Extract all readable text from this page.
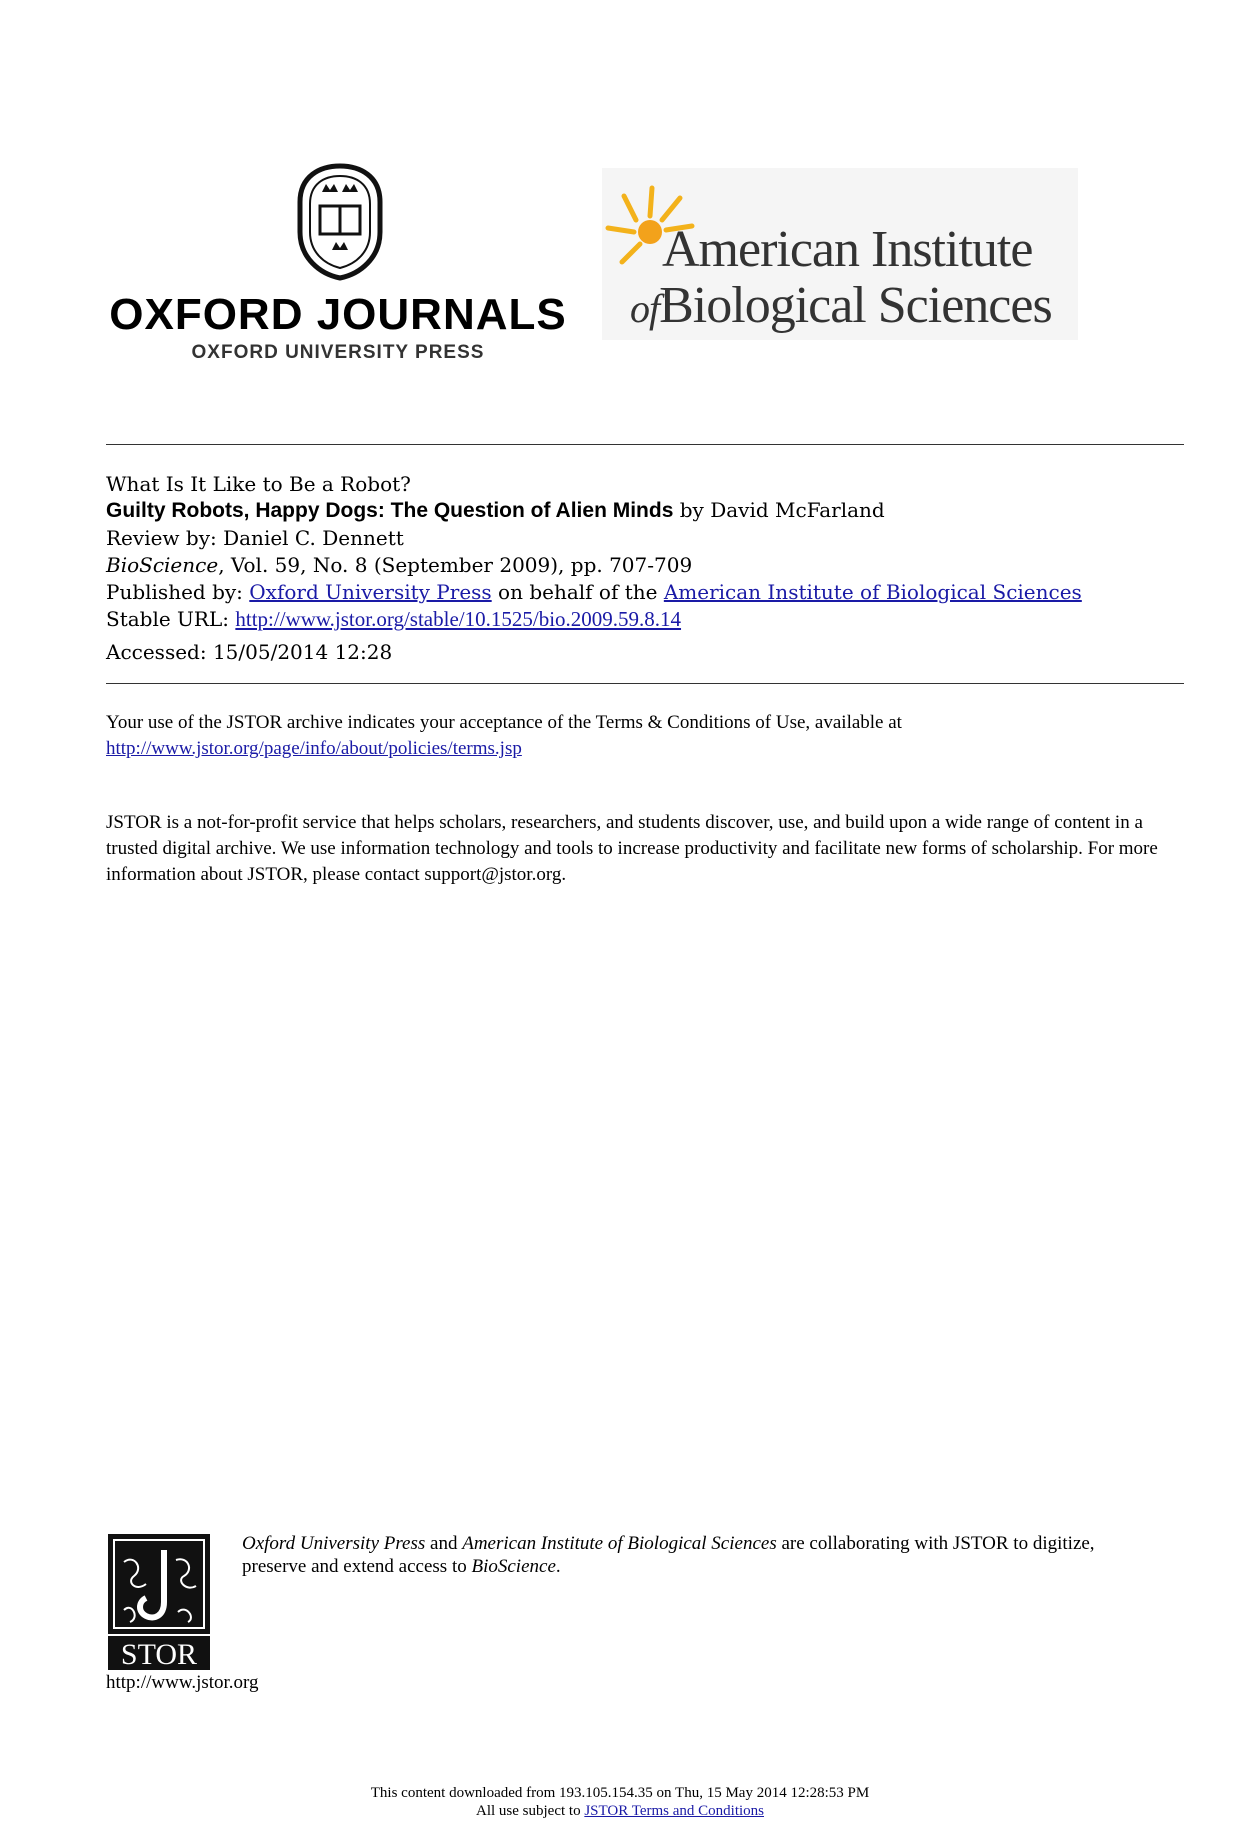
OXFORD JOURNALS
OXFORD UNIVERSITY PRESS
American Institute
ofBiological Sciences
What Is It Like to Be a Robot?
Guilty Robots, Happy Dogs: The Question of Alien Minds by David McFarland
Review by: Daniel C. Dennett
BioScience, Vol. 59, No. 8 (September 2009), pp. 707-709
Published by: Oxford University Press on behalf of the American Institute of Biological Sciences
Stable URL: http://www.jstor.org/stable/10.1525/bio.2009.59.8.14
Accessed: 15/05/2014 12:28
Your use of the JSTOR archive indicates your acceptance of the Terms & Conditions of Use, available at
http://www.jstor.org/page/info/about/policies/terms.jsp
JSTOR is a not-for-profit service that helps scholars, researchers, and students discover, use, and build upon a wide range of content in a trusted digital archive. We use information technology and tools to increase productivity and facilitate new forms of scholarship. For more information about JSTOR, please contact support@jstor.org.
STOR
http://www.jstor.org
Oxford University Press and American Institute of Biological Sciences are collaborating with JSTOR to digitize, preserve and extend access to BioScience.
This content downloaded from 193.105.154.35 on Thu, 15 May 2014 12:28:53 PM
All use subject to JSTOR Terms and Conditions
